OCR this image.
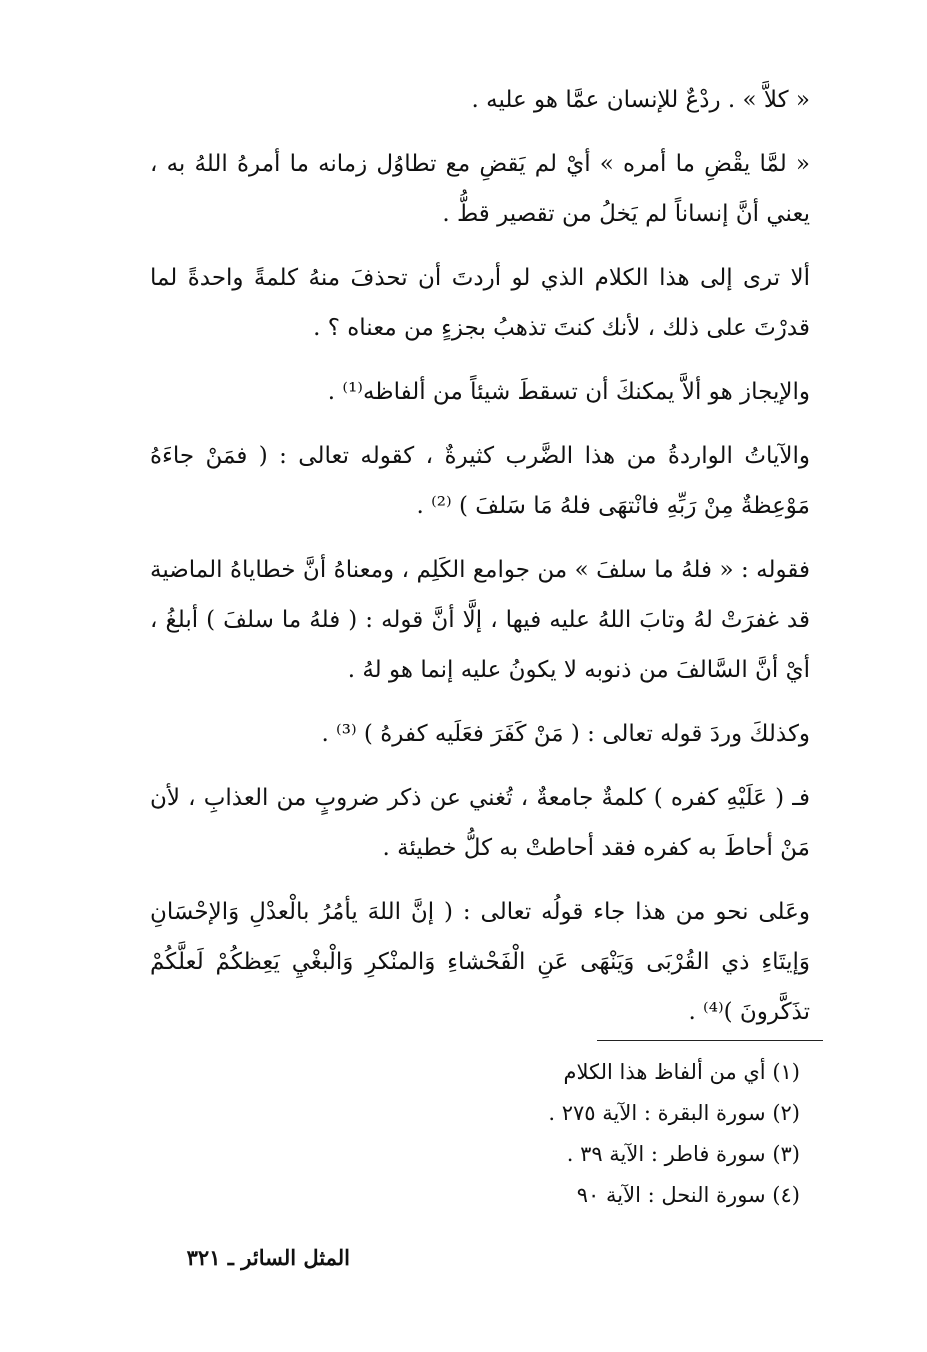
« كلاَّ » . ردْعٌ للإنسان عمَّا هو عليه .

« لمَّا يقْضِ ما أمره » أيْ لم يَقضِ مع تطاوُل زمانه ما أمرهُ اللهُ به ، يعني أنَّ إنساناً لم يَخلُ من تقصير قطُّ .

ألا ترى إلى هذا الكلام الذي لو أردتَ أن تحذفَ منهُ كلمةً واحدةً لما قدرْتَ على ذلك ، لأنك كنتَ تذهبُ بجزءٍ من معناه ؟ .

والإيجاز هو ألاَّ يمكنكَ أن تسقطَ شيئاً من ألفاظه⁽¹⁾ .

والآياتُ الواردةُ من هذا الضَّرب كثيرةٌ ، كقوله تعالى : ( فمَنْ جاءَهُ مَوْعِظةٌ مِنْ رَبِّهِ فانْتهَى فلهُ مَا سَلفَ ) ⁽²⁾ .

فقوله : « فلهُ ما سلفَ » من جوامع الكَلِم ، ومعناهُ أنَّ خطاياهُ الماضية قد غفرَتْ لهُ وتابَ اللهُ عليه فيها ، إلَّا أنَّ قوله : ( فلهُ ما سلفَ ) أبلغُ ، أيْ أنَّ السَّالفَ من ذنوبه لا يكونُ عليه إنما هو لهُ .

وكذلكَ وردَ قوله تعالى : ( مَنْ كَفَرَ فعَلَيه كفرهُ ) ⁽³⁾ .

فـ ( عَلَيْهِ كفره ) كلمةٌ جامعةٌ ، تُغني عن ذكر ضروبٍ من العذابِ ، لأن مَنْ أحاطَ به كفره فقد أحاطتْ به كلُّ خطيئة .

وعَلى نحو من هذا جاء قولُه تعالى : ( إنَّ اللهَ يأمُرُ بالْعدْلِ وَالإحْسَانِ وَإيتَاءِ ذي القُرْبَى وَيَنْهَى عَنِ الْفَحْشاءِ وَالمنْكرِ وَالْبغْيِ يَعِظكُمْ لَعلَّكُمْ تذَكَّرونَ )⁽⁴⁾ .

(١) أي من ألفاظ هذا الكلام

(٢) سورة البقرة : الآية ٢٧٥ .

(٣) سورة فاطر : الآية ٣٩ .

(٤) سورة النحل : الآية ٩٠

المثل السائر ـ ٣٢١
